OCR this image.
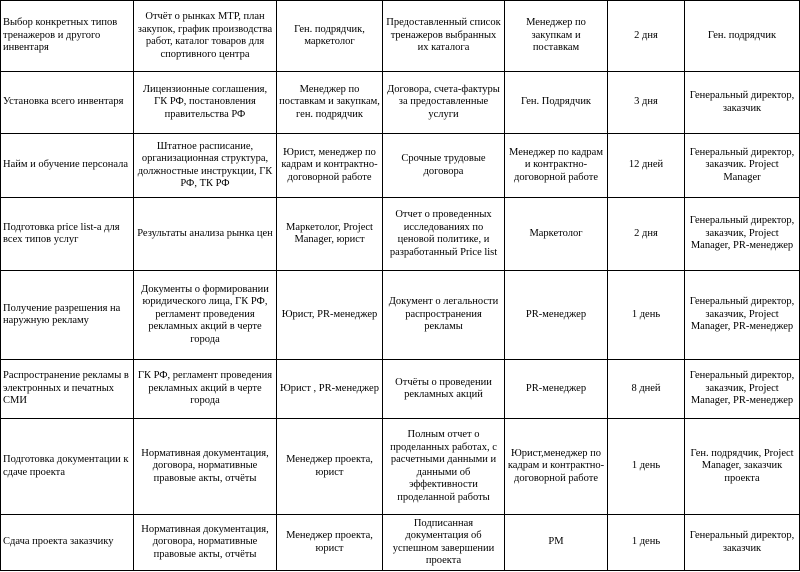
Выбор конкретных типов тренажеров и другого инвентаря	Отчёт о рынках МТР, план закупок, график производства работ, каталог товаров для спортивного центра	Ген. подрядчик, маркетолог	Предоставленный список тренажеров выбранных их каталога	Менеджер по закупкам и поставкам	2 дня	Ген. подрядчик
Установка всего инвентаря	Лицензионные соглашения, ГК РФ, постановления правительства РФ	Менеджер по поставкам и закупкам, ген. подрядчик	Договора, счета-фактуры за предоставленные услуги	Ген. Подрядчик	3 дня	Генеральный директор, заказчик
Найм и обучение персонала	Штатное расписание, организационная структура, должностные инструкции, ГК РФ, ТК РФ	Юрист, менеджер по кадрам и контрактно-договорной работе	Срочные трудовые договора	Менеджер по кадрам и контрактно-договорной работе	12 дней	Генеральный директор, заказчик. Project Manager
Подготовка price list-а для всех типов услуг	Результаты анализа рынка цен	Маркетолог, Project Manager, юрист	Отчет о проведенных исследованиях по ценовой политике, и разработанный Price list	Маркетолог	2 дня	Генеральный директор, заказчик, Project Manager, PR-менеджер
Получение разрешения на наружную рекламу	Документы о формировании юридического лица, ГК РФ, регламент проведения рекламных акций в черте города	Юрист, PR-менеджер	Документ о легальности распространения рекламы	PR-менеджер	1 день	Генеральный директор, заказчик, Project Manager, PR-менеджер
Распространение рекламы в электронных и печатных СМИ	ГК РФ, регламент проведения рекламных акций в черте города	Юрист , PR-менеджер	Отчёты о проведении рекламных акций	PR-менеджер	8 дней	Генеральный директор, заказчик, Project Manager, PR-менеджер
Подготовка документации к сдаче проекта	Нормативная документация, договора, нормативные правовые акты, отчёты	Менеджер проекта, юрист	Полным отчет о проделанных работах, с расчетными данными и данными об эффективности проделанной работы	Юрист,менеджер по кадрам и контрактно-договорной работе	1 день	Ген. подрядчик, Project Manager, заказчик проекта
Сдача проекта заказчику	Нормативная документация, договора, нормативные правовые акты, отчёты	Менеджер проекта, юрист	Подписанная документация об успешном завершении проекта	PM	1 день	Генеральный директор, заказчик
